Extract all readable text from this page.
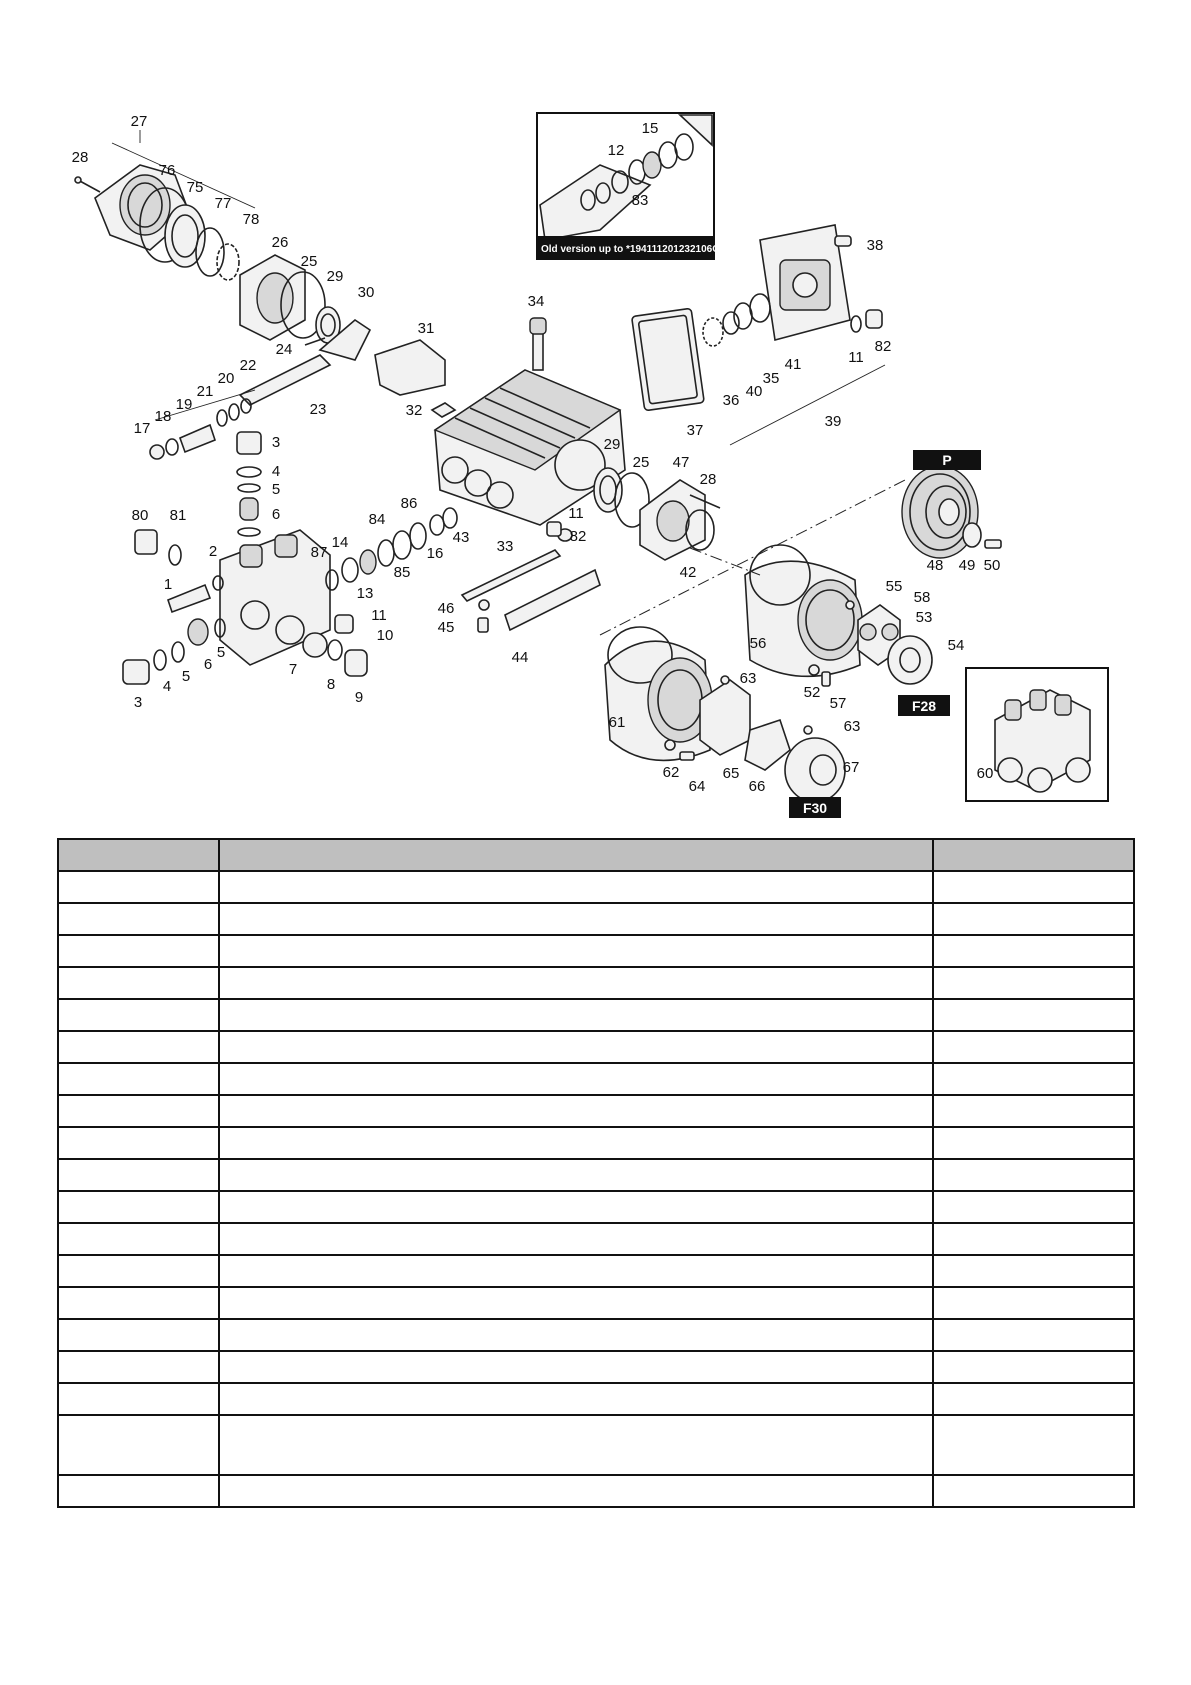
Old version up to *194111201232106O
P
F28
F30
1
2
3
4
5
6
7
8
9
10
11
12
13
14
15
16
17
18
19
20
21
22
23
24
25
26
27
28
29
30
31
32
33
34
35
36
37
38
39
40
41
42
43
44
45
46
47
48 49 50
52
53
54
55
56
57
58
60
61
62
63
64
65
66
67
75
76
77
78
80 81
82
83
84
85
86
87
3
4
5
6
5
11
11
82
29
25
28
63
